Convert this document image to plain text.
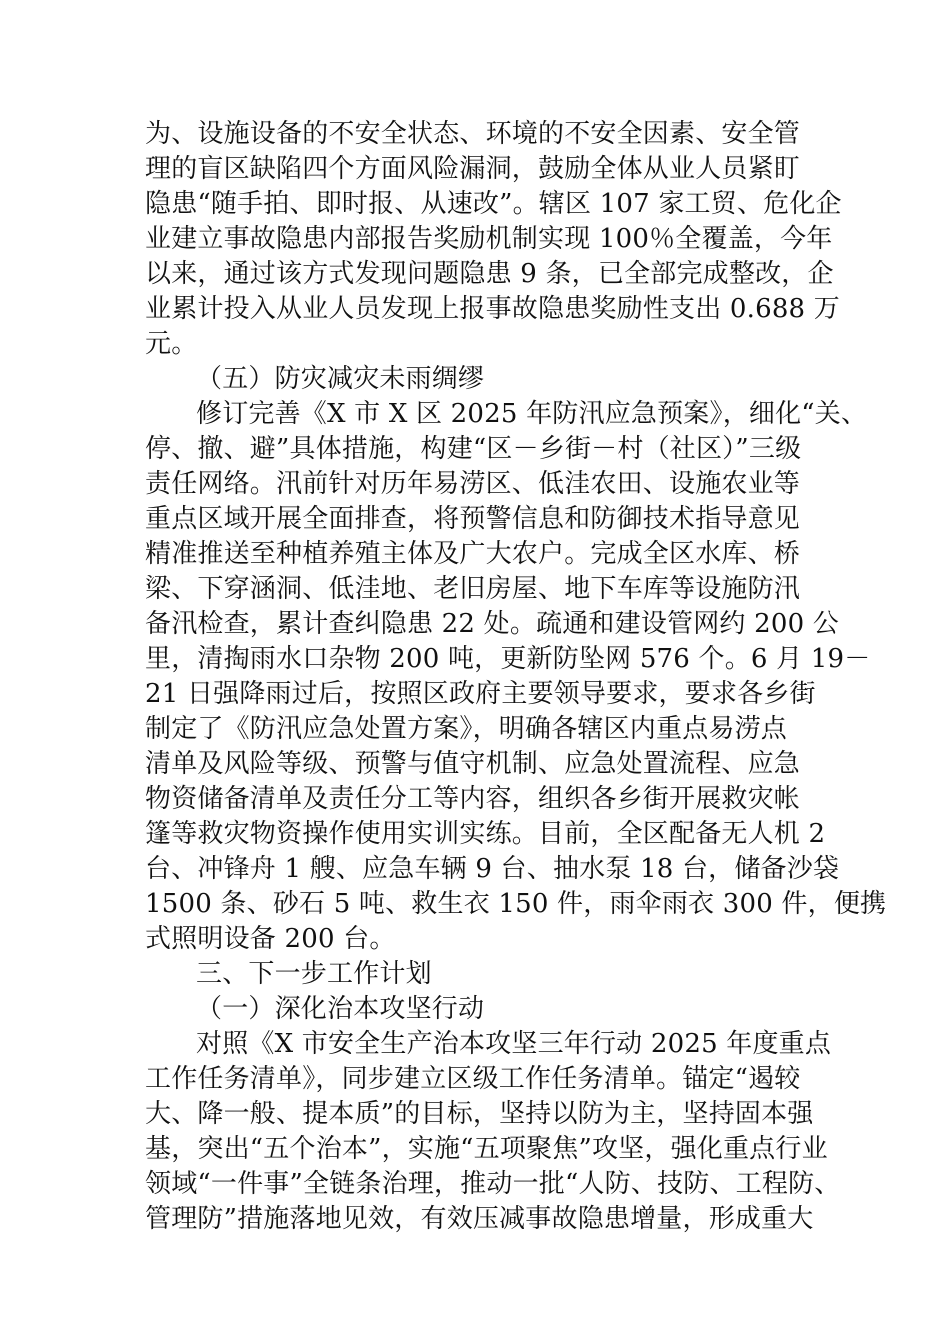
为、设施设备的不安全状态、环境的不安全因素、安全管
理的盲区缺陷四个方面风险漏洞，鼓励全体从业人员紧盯
隐患“随手拍、即时报、从速改”。辖区 107 家工贸、危化企
业建立事故隐患内部报告奖励机制实现 100％全覆盖，今年
以来，通过该方式发现问题隐患 9 条，已全部完成整改，企
业累计投入从业人员发现上报事故隐患奖励性支出 0.688 万
元。
（五）防灾减灾未雨绸缪
修订完善《X 市 X 区 2025 年防汛应急预案》，细化“关、
停、撤、避”具体措施，构建“区－乡街－村（社区）”三级
责任网络。汛前针对历年易涝区、低洼农田、设施农业等
重点区域开展全面排查，将预警信息和防御技术指导意见
精准推送至种植养殖主体及广大农户。完成全区水库、桥
梁、下穿涵洞、低洼地、老旧房屋、地下车库等设施防汛
备汛检查，累计查纠隐患 22 处。疏通和建设管网约 200 公
里，清掏雨水口杂物 200 吨，更新防坠网 576 个。6 月 19－
21 日强降雨过后，按照区政府主要领导要求，要求各乡街
制定了《防汛应急处置方案》，明确各辖区内重点易涝点
清单及风险等级、预警与值守机制、应急处置流程、应急
物资储备清单及责任分工等内容，组织各乡街开展救灾帐
篷等救灾物资操作使用实训实练。目前，全区配备无人机 2
台、冲锋舟 1 艘、应急车辆 9 台、抽水泵 18 台，储备沙袋
1500 条、砂石 5 吨、救生衣 150 件，雨伞雨衣 300 件，便携
式照明设备 200 台。
三、下一步工作计划
（一）深化治本攻坚行动
对照《X 市安全生产治本攻坚三年行动 2025 年度重点
工作任务清单》，同步建立区级工作任务清单。锚定“遏较
大、降一般、提本质”的目标，坚持以防为主，坚持固本强
基，突出“五个治本”，实施“五项聚焦”攻坚，强化重点行业
领域“一件事”全链条治理，推动一批“人防、技防、工程防、
管理防”措施落地见效，有效压减事故隐患增量，形成重大
